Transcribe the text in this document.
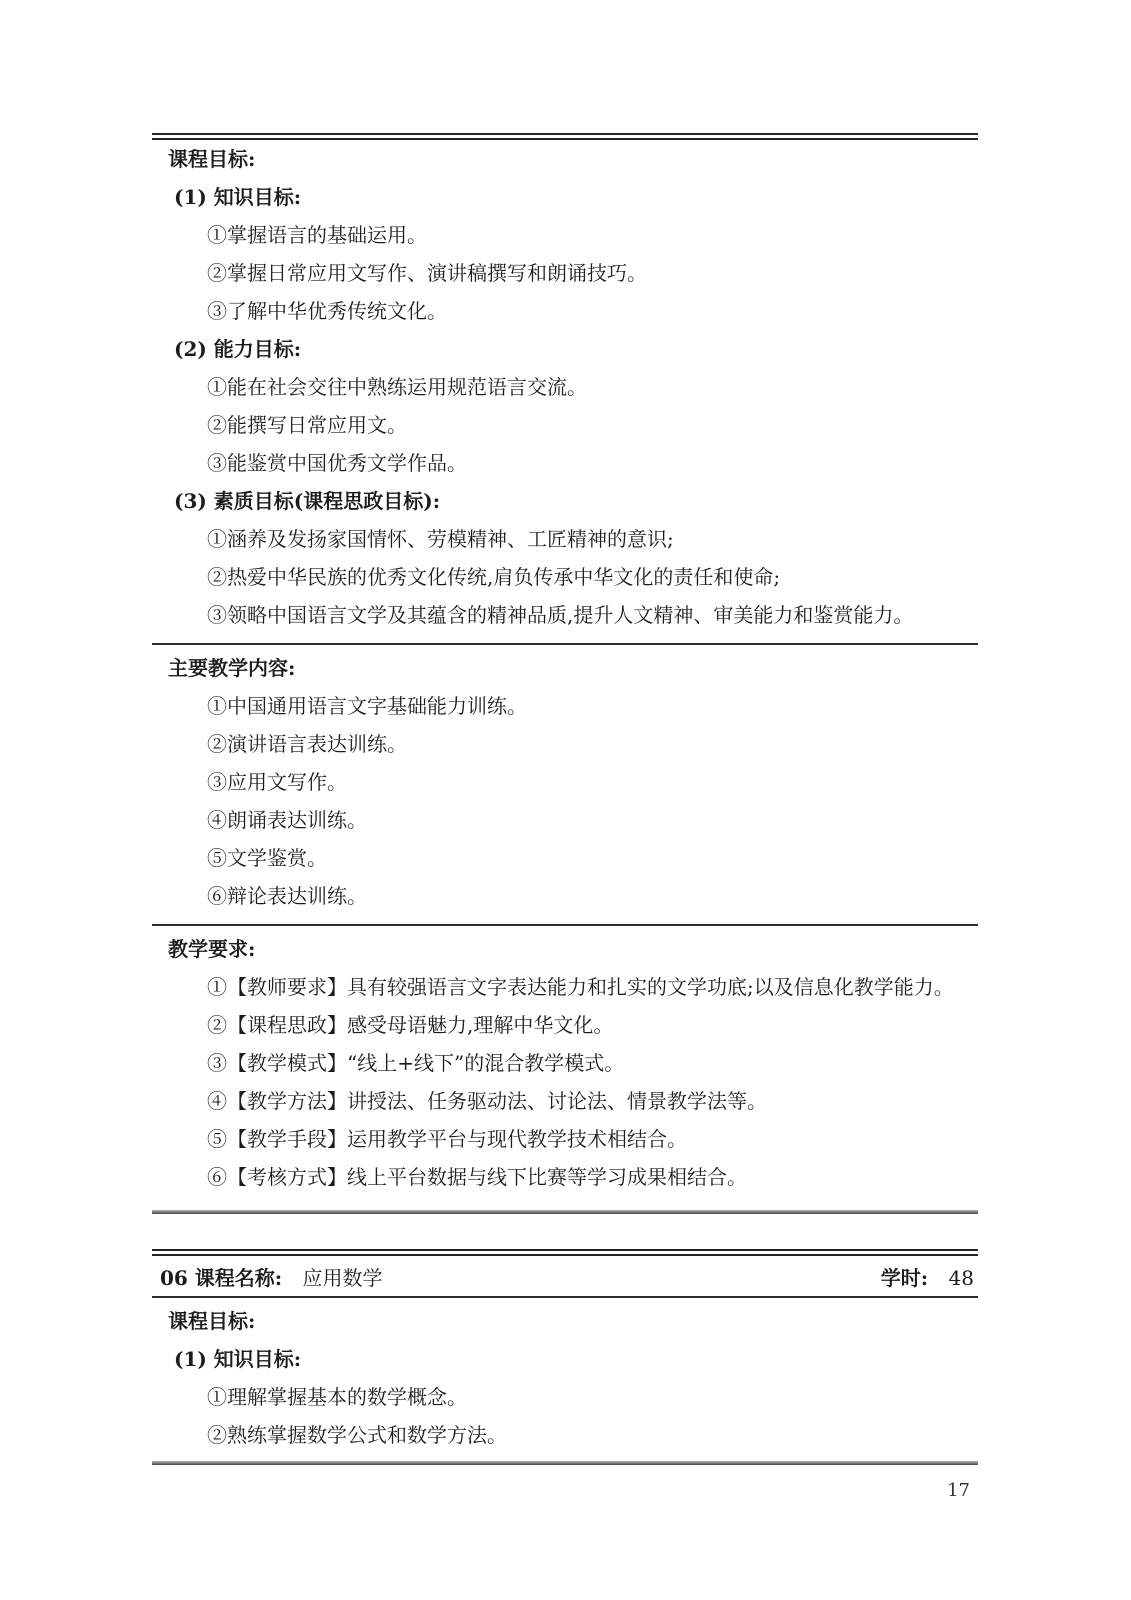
课程目标:

(1) 知识目标:

①掌握语言的基础运用。

②掌握日常应用文写作、演讲稿撰写和朗诵技巧。

③了解中华优秀传统文化。

(2) 能力目标:

①能在社会交往中熟练运用规范语言交流。

②能撰写日常应用文。

③能鉴赏中国优秀文学作品。

(3) 素质目标(课程思政目标):

①涵养及发扬家国情怀、劳模精神、工匠精神的意识;

②热爱中华民族的优秀文化传统,肩负传承中华文化的责任和使命;

③领略中国语言文学及其蕴含的精神品质,提升人文精神、审美能力和鉴赏能力。

主要教学内容:

①中国通用语言文字基础能力训练。

②演讲语言表达训练。

③应用文写作。

④朗诵表达训练。

⑤文学鉴赏。

⑥辩论表达训练。

教学要求:

①【教师要求】具有较强语言文字表达能力和扎实的文学功底;以及信息化教学能力。

②【课程思政】感受母语魅力,理解中华文化。

③【教学模式】“线上+线下”的混合教学模式。

④【教学方法】讲授法、任务驱动法、讨论法、情景教学法等。

⑤【教学手段】运用教学平台与现代教学技术相结合。

⑥【考核方式】线上平台数据与线下比赛等学习成果相结合。

06 课程名称: 应用数学	学时: 48

课程目标:

(1) 知识目标:

①理解掌握基本的数学概念。

②熟练掌握数学公式和数学方法。

17
